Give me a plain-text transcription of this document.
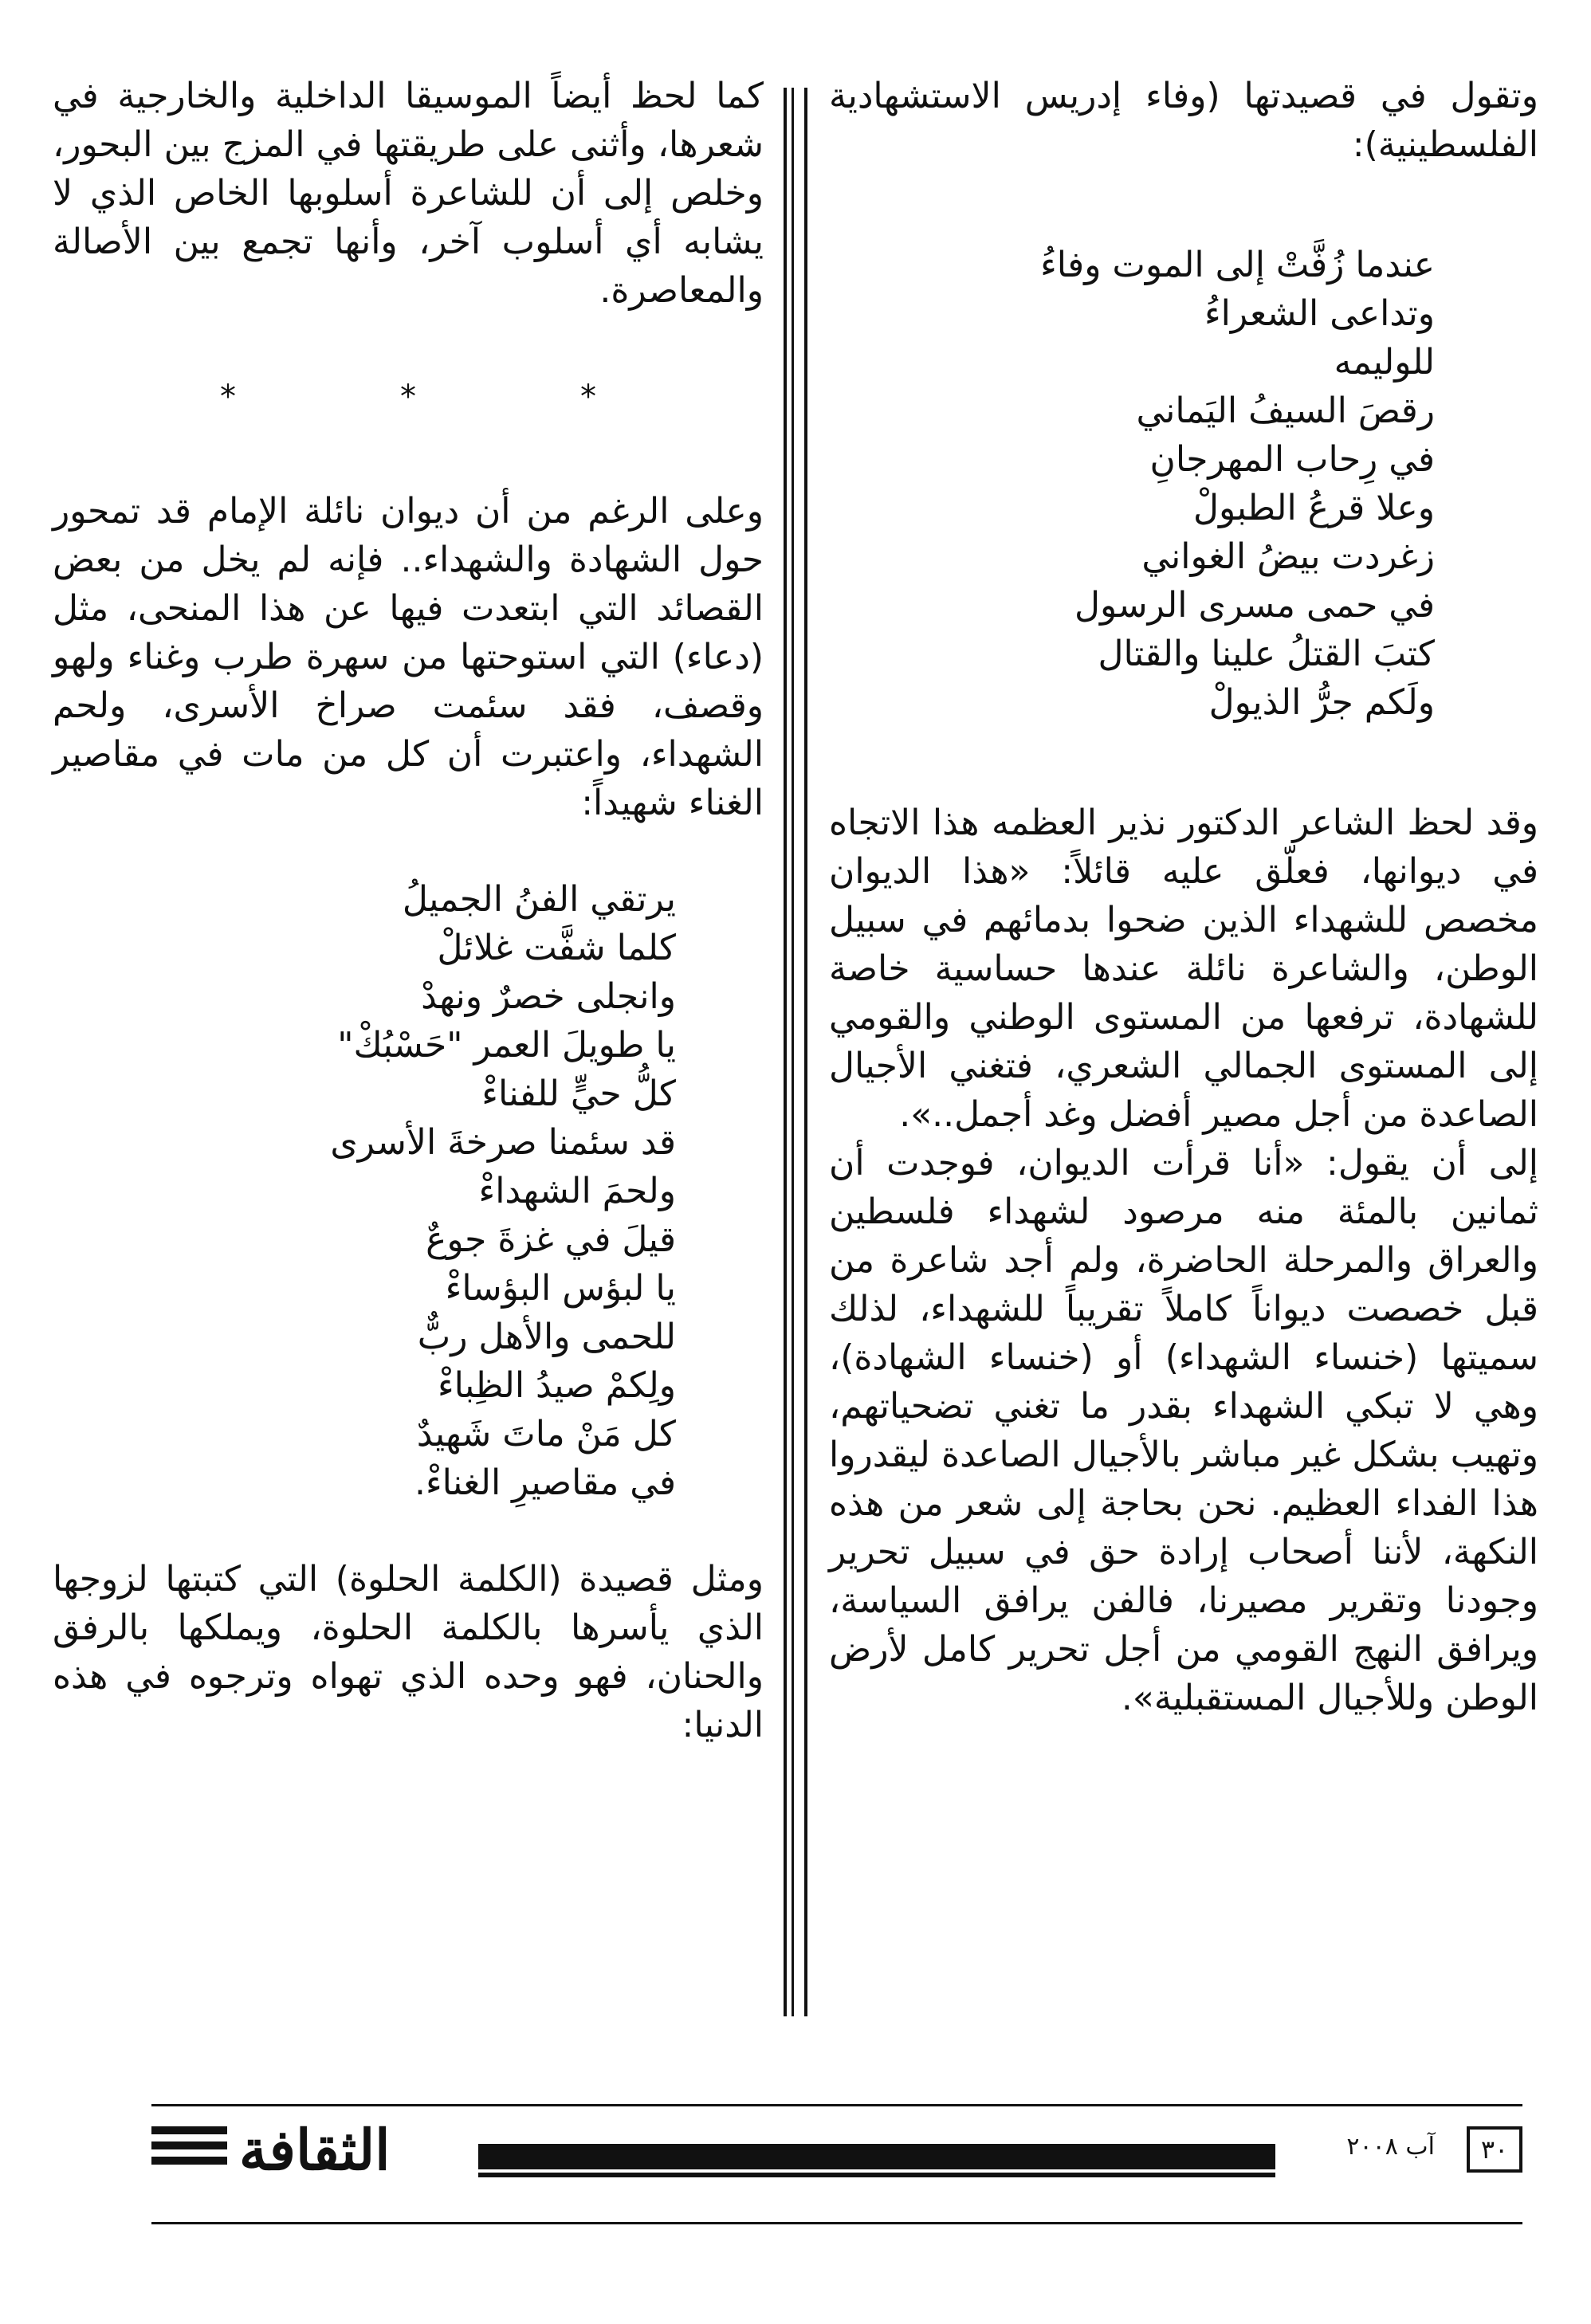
وتقول في قصيدتها (وفاء إدريس الاستشهادية الفلسطينية):

عندما زُفَّتْ إلى الموت وفاءُ
وتداعى الشعراءُ
للوليمه
رقصَ السيفُ اليَماني
في رِحاب المهرجانِ
وعلا قرعُ الطبولْ
زغردت بيضُ الغواني
في حمى مسرى الرسول
كتبَ القتلُ علينا والقتال
ولَكم جرُّ الذيولْ

وقد لحظ الشاعر الدكتور نذير العظمه هذا الاتجاه في ديوانها، فعلّق عليه قائلاً: «هذا الديوان مخصص للشهداء الذين ضحوا بدمائهم في سبيل الوطن، والشاعرة نائلة عندها حساسية خاصة للشهادة، ترفعها من المستوى الوطني والقومي إلى المستوى الجمالي الشعري، فتغني الأجيال الصاعدة من أجل مصير أفضل وغد أجمل..».

إلى أن يقول: «أنا قرأت الديوان، فوجدت أن ثمانين بالمئة منه مرصود لشهداء فلسطين والعراق والمرحلة الحاضرة، ولم أجد شاعرة من قبل خصصت ديواناً كاملاً تقريباً للشهداء، لذلك سميتها (خنساء الشهداء) أو (خنساء الشهادة)، وهي لا تبكي الشهداء بقدر ما تغني تضحياتهم، وتهيب بشكل غير مباشر بالأجيال الصاعدة ليقدروا هذا الفداء العظيم. نحن بحاجة إلى شعر من هذه النكهة، لأننا أصحاب إرادة حق في سبيل تحرير وجودنا وتقرير مصيرنا، فالفن يرافق السياسة، ويرافق النهج القومي من أجل تحرير كامل لأرض الوطن وللأجيال المستقبلية».

كما لحظ أيضاً الموسيقا الداخلية والخارجية في شعرها، وأثنى على طريقتها في المزج بين البحور، وخلص إلى أن للشاعرة أسلوبها الخاص الذي لا يشابه أي أسلوب آخر، وأنها تجمع بين الأصالة والمعاصرة.

*
*
*

وعلى الرغم من أن ديوان نائلة الإمام قد تمحور حول الشهادة والشهداء.. فإنه لم يخل من بعض القصائد التي ابتعدت فيها عن هذا المنحى، مثل (دعاء) التي استوحتها من سهرة طرب وغناء ولهو وقصف، فقد سئمت صراخ الأسرى، ولحم الشهداء، واعتبرت أن كل من مات في مقاصير الغناء شهيداً:

يرتقي الفنُ الجميلُ
كلما شفَّت غلائلْ
وانجلى خصرٌ ونهدْ
يا طويلَ العمر "حَسْبُكْ"
كلُّ حيٍّ للفناءْ
قد سئمنا صرخةَ الأسرى
ولحمَ الشهداءْ
قيلَ في غزةَ جوعٌ
يا لبؤس البؤساءْ
للحمى والأهل ربٌّ
ولِكمْ صيدُ الظِباءْ
كل مَنْ ماتَ شَهيدٌ
في مقاصيرِ الغناءْ.

ومثل قصيدة (الكلمة الحلوة) التي كتبتها لزوجها الذي يأسرها بالكلمة الحلوة، ويملكها بالرفق والحنان، فهو وحده الذي تهواه وترجوه في هذه الدنيا:

الثقافة	آب ٢٠٠٨	٣٠
